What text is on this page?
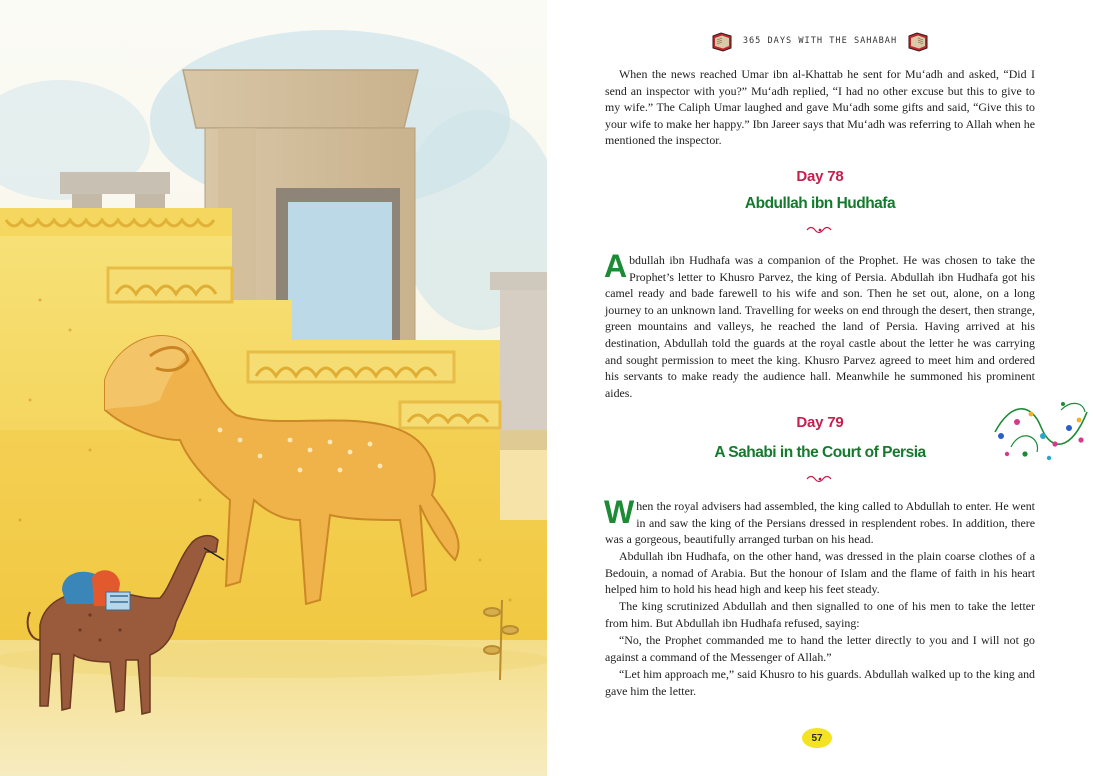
365 DAYS WITH THE SAHABAH

When the news reached Umar ibn al-Khattab he sent for Mu‘adh and asked, “Did I send an inspector with you?” Mu‘adh replied, “I had no other excuse but this to give to my wife.” The Caliph Umar laughed and gave Mu‘adh some gifts and said, “Give this to your wife to make her happy.” Ibn Jareer says that Mu‘adh was referring to Allah when he mentioned the inspector.

Day 78
Abdullah ibn Hudhafa
A bdullah ibn Hudhafa was a companion of the Prophet. He was chosen to take the Prophet’s letter to Khusro Parvez, the king of Persia. Abdullah ibn Hudhafa got his camel ready and bade farewell to his wife and son. Then he set out, alone, on a long journey to an unknown land. Travelling for weeks on end through the desert, then strange, green mountains and valleys, he reached the land of Persia. Having arrived at his destination, Abdullah told the guards at the royal castle about the letter he was carrying and sought permission to meet the king. Khusro Parvez agreed to meet him and ordered his servants to make ready the audience hall. Meanwhile he summoned his prominent aides.
Day 79
A Sahabi in the Court of Persia
W hen the royal advisers had assembled, the king called to Abdullah to enter. He went in and saw the king of the Persians dressed in resplendent robes. In addition, there was a gorgeous, beautifully arranged turban on his head.

Abdullah ibn Hudhafa, on the other hand, was dressed in the plain coarse clothes of a Bedouin, a nomad of Arabia. But the honour of Islam and the flame of faith in his heart helped him to hold his head high and keep his feet steady.

The king scrutinized Abdullah and then signalled to one of his men to take the letter from him. But Abdullah ibn Hudhafa refused, saying:

“No, the Prophet commanded me to hand the letter directly to you and I will not go against a command of the Messenger of Allah.”

“Let him approach me,” said Khusro to his guards. Abdullah walked up to the king and gave him the letter.

57
